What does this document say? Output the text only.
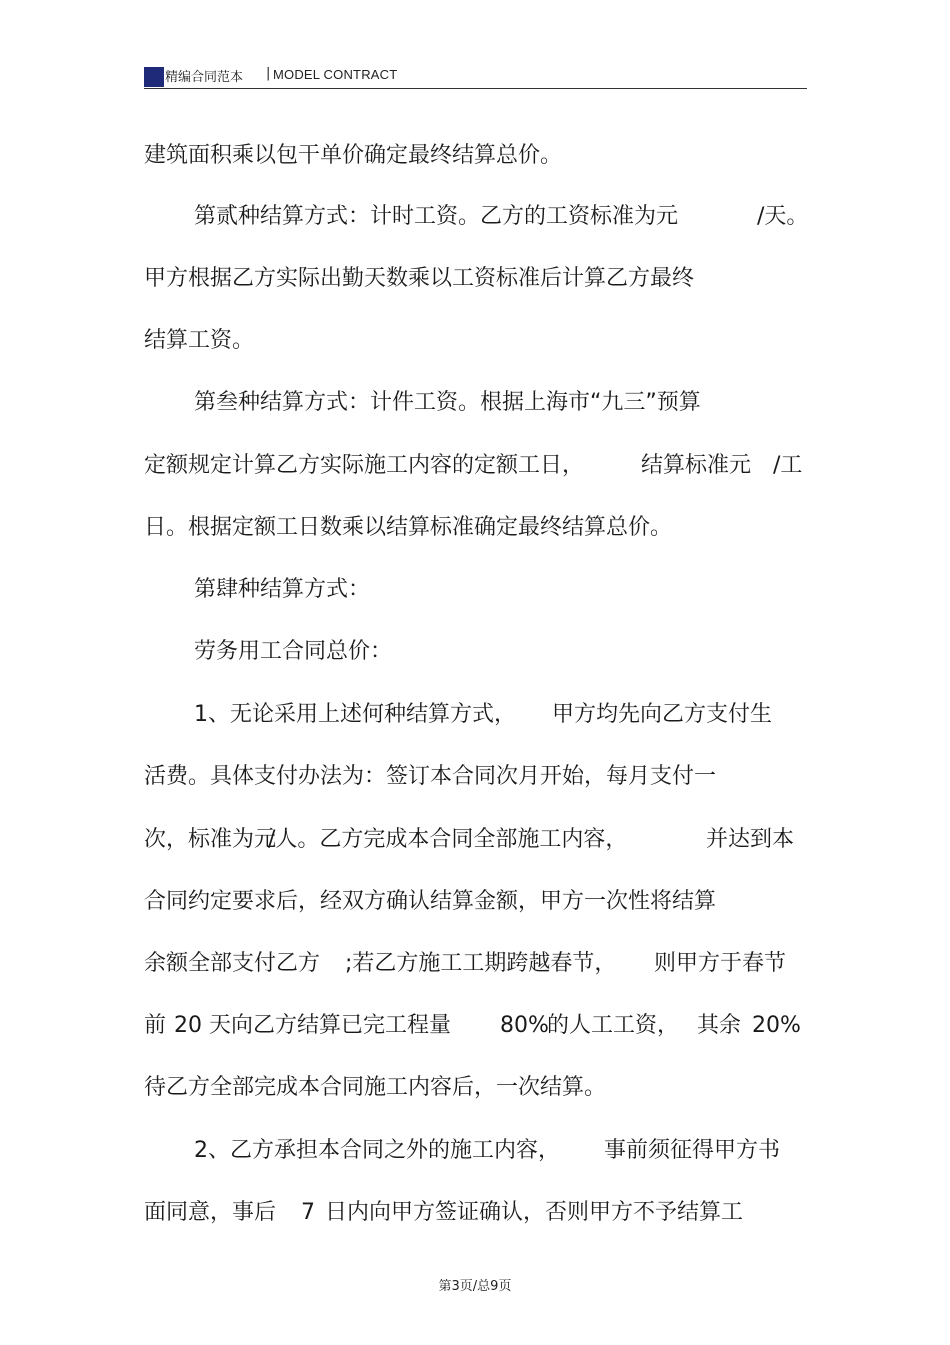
精编合同范本 | MODEL CONTRACT
建筑面积乘以包干单价确定最终结算总价。
第贰种结算方式：计时工资。乙方的工资标准为元	/天。
甲方根据乙方实际出勤天数乘以工资标准后计算乙方最终
结算工资。
第叁种结算方式：计件工资。根据上海市“九三”预算
定额规定计算乙方实际施工内容的定额工日，	结算标准元 /工
日。根据定额工日数乘以结算标准确定最终结算总价。
第肆种结算方式：
劳务用工合同总价：
1、无论采用上述何种结算方式， 甲方均先向乙方支付生
活费。具体支付办法为：签订本合同次月开始，每月支付一
次，标准为元
/人。乙方完成本合同全部施工内容，	并达到本
合同约定要求后，经双方确认结算金额，甲方一次性将结算
余额全部支付乙方 ;若乙方施工工期跨越春节， 则甲方于春节
前 20 天向乙方结算已完工程量 80%
的人工工资， 其余 20%
待乙方全部完成本合同施工内容后，一次结算。
2、乙方承担本合同之外的施工内容， 事前须征得甲方书
面同意，事后 7 日内向甲方签证确认，否则甲方不予结算工
第3页/总9页
